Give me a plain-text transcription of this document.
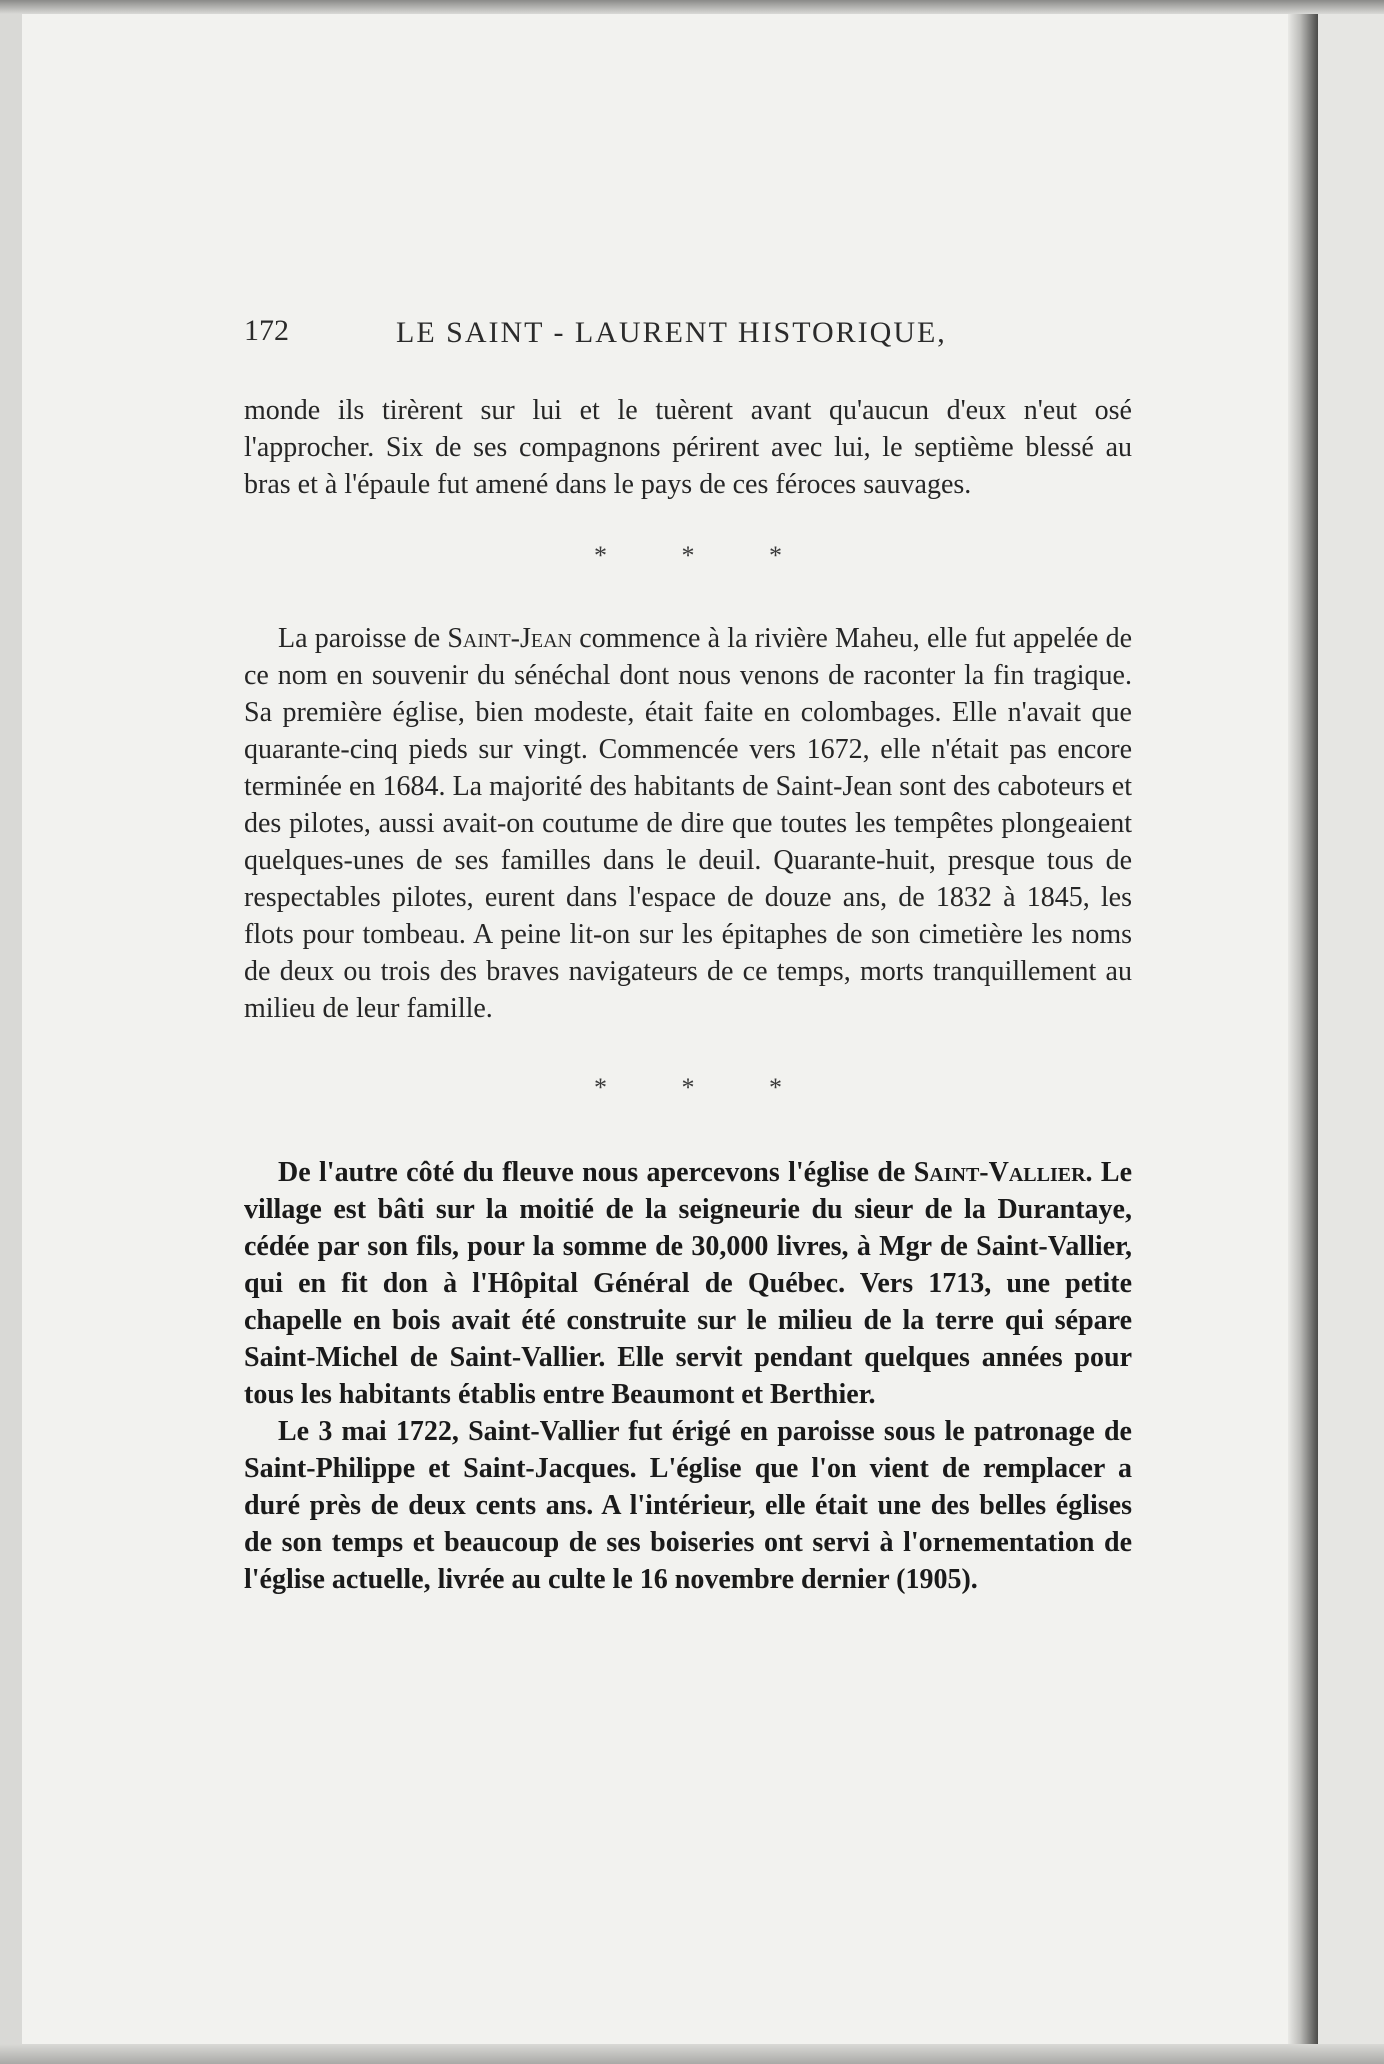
172	LE SAINT - LAURENT HISTORIQUE,

monde ils tirèrent sur lui et le tuèrent avant qu'aucun d'eux n'eut osé l'approcher. Six de ses compagnons périrent avec lui, le septième blessé au bras et à l'épaule fut amené dans le pays de ces féroces sauvages.

* * *

La paroisse de Saint-Jean commence à la rivière Maheu, elle fut appelée de ce nom en souvenir du sénéchal dont nous venons de raconter la fin tragique. Sa première église, bien modeste, était faite en colombages. Elle n'avait que quarante-cinq pieds sur vingt. Commencée vers 1672, elle n'était pas encore terminée en 1684. La majorité des habitants de Saint-Jean sont des caboteurs et des pilotes, aussi avait-on coutume de dire que toutes les tempêtes plongeaient quelques-unes de ses familles dans le deuil. Quarante-huit, presque tous de respectables pilotes, eurent dans l'espace de douze ans, de 1832 à 1845, les flots pour tombeau. A peine lit-on sur les épitaphes de son cimetière les noms de deux ou trois des braves navigateurs de ce temps, morts tranquillement au milieu de leur famille.

* * *

De l'autre côté du fleuve nous apercevons l'église de Saint-Vallier. Le village est bâti sur la moitié de la seigneurie du sieur de la Durantaye, cédée par son fils, pour la somme de 30,000 livres, à Mgr de Saint-Vallier, qui en fit don à l'Hôpital Général de Québec. Vers 1713, une petite chapelle en bois avait été construite sur le milieu de la terre qui sépare Saint-Michel de Saint-Vallier. Elle servit pendant quelques années pour tous les habitants établis entre Beaumont et Berthier.

Le 3 mai 1722, Saint-Vallier fut érigé en paroisse sous le patronage de Saint-Philippe et Saint-Jacques. L'église que l'on vient de remplacer a duré près de deux cents ans. A l'intérieur, elle était une des belles églises de son temps et beaucoup de ses boiseries ont servi à l'ornementation de l'église actuelle, livrée au culte le 16 novembre dernier (1905).
